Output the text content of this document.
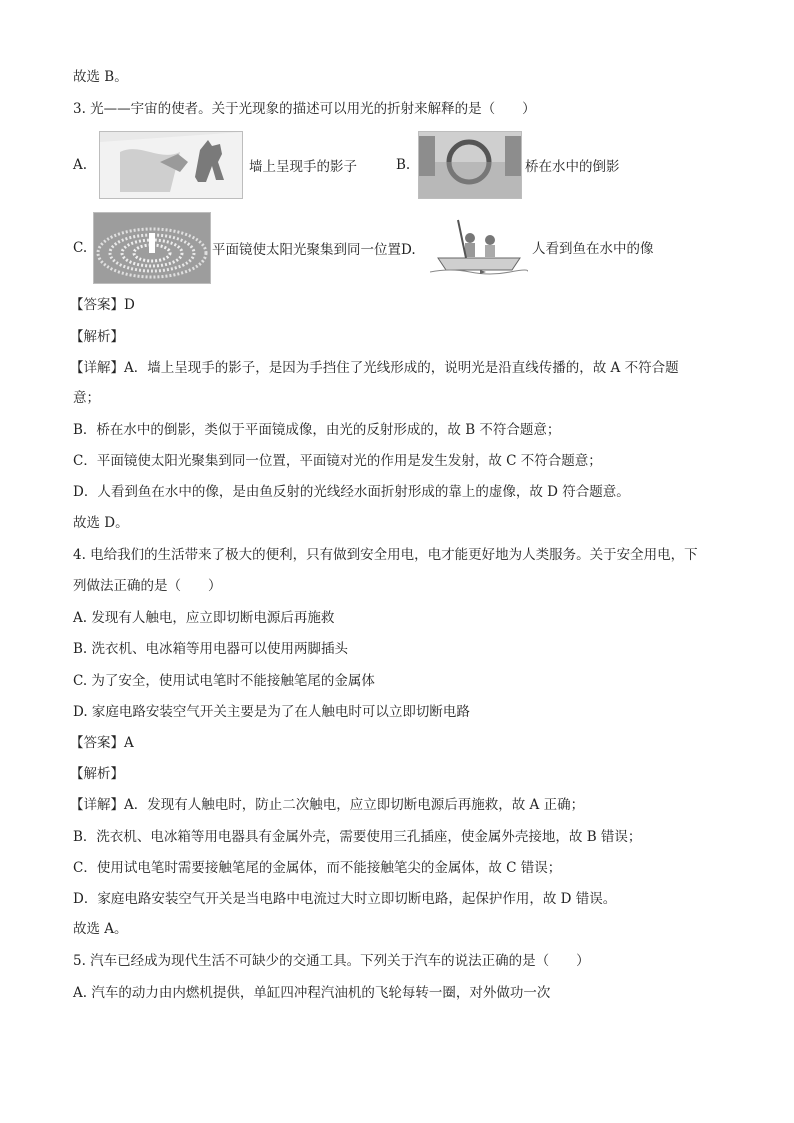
故选 B。
3. 光——宇宙的使者。关于光现象的描述可以用光的折射来解释的是（　　）
A.	墙上呈现手的影子	B.	桥在水中的倒影
C.	平面镜使太阳光聚集到同一位置D.	人看到鱼在水中的像
【答案】D
【解析】
【详解】A．墙上呈现手的影子，是因为手挡住了光线形成的，说明光是沿直线传播的，故 A 不符合题
意；
B．桥在水中的倒影，类似于平面镜成像，由光的反射形成的，故 B 不符合题意；
C．平面镜使太阳光聚集到同一位置，平面镜对光的作用是发生发射，故 C 不符合题意；
D．人看到鱼在水中的像，是由鱼反射的光线经水面折射形成的靠上的虚像，故 D 符合题意。
故选 D。
4. 电给我们的生活带来了极大的便利，只有做到安全用电，电才能更好地为人类服务。关于安全用电，下
列做法正确的是（　　）
A. 发现有人触电，应立即切断电源后再施救
B. 洗衣机、电冰箱等用电器可以使用两脚插头
C. 为了安全，使用试电笔时不能接触笔尾的金属体
D. 家庭电路安装空气开关主要是为了在人触电时可以立即切断电路
【答案】A
【解析】
【详解】A．发现有人触电时，防止二次触电，应立即切断电源后再施救，故 A 正确；
B．洗衣机、电冰箱等用电器具有金属外壳，需要使用三孔插座，使金属外壳接地，故 B 错误；
C．使用试电笔时需要接触笔尾的金属体，而不能接触笔尖的金属体，故 C 错误；
D．家庭电路安装空气开关是当电路中电流过大时立即切断电路，起保护作用，故 D 错误。
故选 A。
5. 汽车已经成为现代生活不可缺少的交通工具。下列关于汽车的说法正确的是（　　）
A. 汽车的动力由内燃机提供，单缸四冲程汽油机的飞轮每转一圈，对外做功一次
